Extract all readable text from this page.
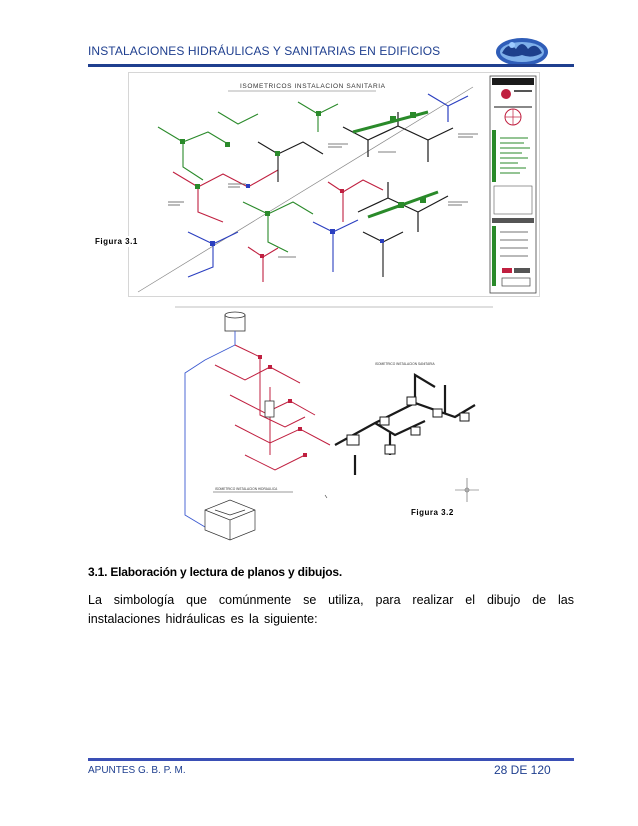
INSTALACIONES HIDRÁULICAS Y SANITARIAS EN EDIFICIOS
ISOMETRICOS INSTALACION SANITARIA
Figura 3.1
ISOMETRICO INSTALACION HIDRAULICA
ISOMETRICO INSTALACION SANITARIA
Figura 3.2
3.1. Elaboración y lectura de planos y dibujos.
La simbología que comúnmente se utiliza, para realizar el dibujo de las instalaciones hidráulicas es la siguiente:
APUNTES G. B. P. M.	28 DE 120
